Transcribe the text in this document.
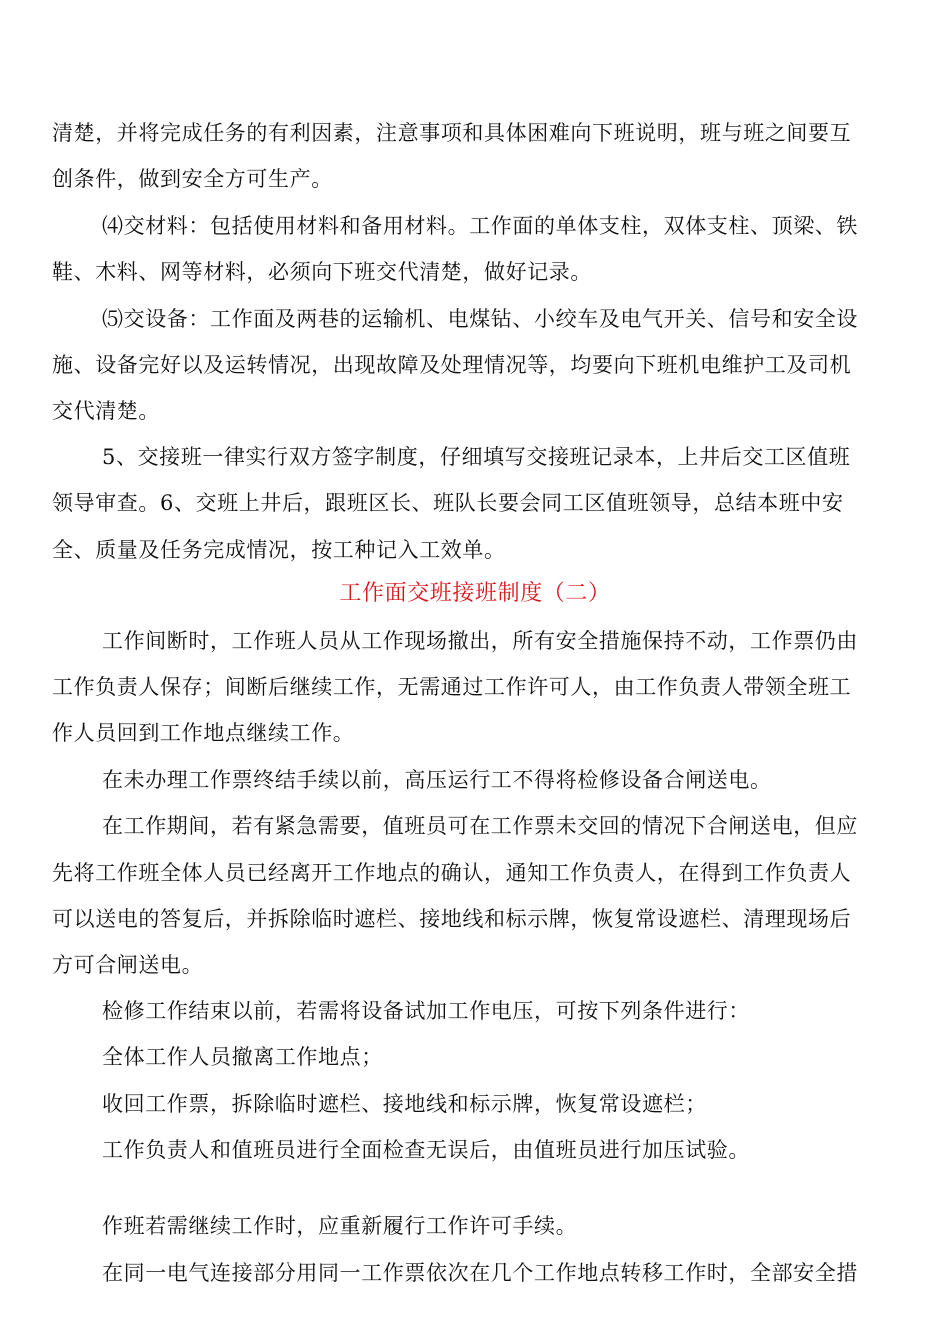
清楚，并将完成任务的有利因素，注意事项和具体困难向下班说明，班与班之间要互
创条件，做到安全方可生产。
⑷交材料：包括使用材料和备用材料。工作面的单体支柱，双体支柱、顶梁、铁
鞋、木料、网等材料，必须向下班交代清楚，做好记录。
⑸交设备：工作面及两巷的运输机、电煤钻、小绞车及电气开关、信号和安全设
施、设备完好以及运转情况，出现故障及处理情况等，均要向下班机电维护工及司机
交代清楚。
5、交接班一律实行双方签字制度，仔细填写交接班记录本，上井后交工区值班
领导审查。6、交班上井后，跟班区长、班队长要会同工区值班领导，总结本班中安
全、质量及任务完成情况，按工种记入工效单。
工作面交班接班制度（二）
工作间断时，工作班人员从工作现场撤出，所有安全措施保持不动，工作票仍由
工作负责人保存；间断后继续工作，无需通过工作许可人，由工作负责人带领全班工
作人员回到工作地点继续工作。
在未办理工作票终结手续以前，高压运行工不得将检修设备合闸送电。
在工作期间，若有紧急需要，值班员可在工作票未交回的情况下合闸送电，但应
先将工作班全体人员已经离开工作地点的确认，通知工作负责人，在得到工作负责人
可以送电的答复后，并拆除临时遮栏、接地线和标示牌，恢复常设遮栏、清理现场后
方可合闸送电。
检修工作结束以前，若需将设备试加工作电压，可按下列条件进行：
全体工作人员撤离工作地点；
收回工作票，拆除临时遮栏、接地线和标示牌，恢复常设遮栏；
工作负责人和值班员进行全面检查无误后，由值班员进行加压试验。
作班若需继续工作时，应重新履行工作许可手续。
在同一电气连接部分用同一工作票依次在几个工作地点转移工作时，全部安全措
